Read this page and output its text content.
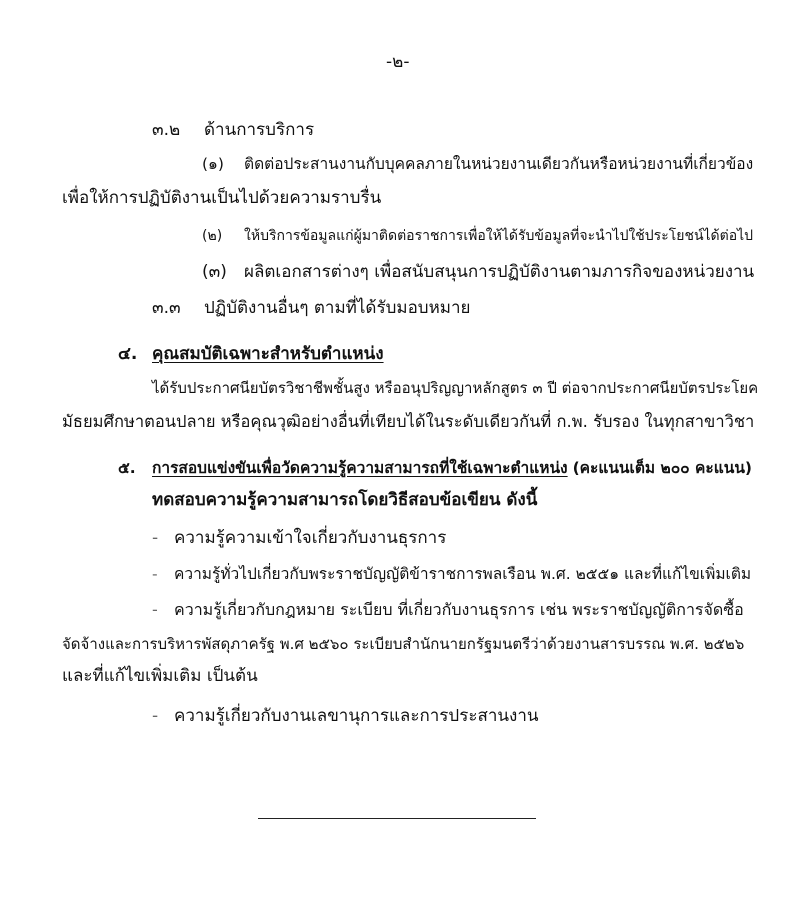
-๒-
๓.๒ ด้านการบริการ
(๑) ติดต่อประสานงานกับบุคคลภายในหน่วยงานเดียวกันหรือหน่วยงานที่เกี่ยวข้อง
เพื่อให้การปฏิบัติงานเป็นไปด้วยความราบรื่น
(๒) ให้บริการข้อมูลแก่ผู้มาติดต่อราชการเพื่อให้ได้รับข้อมูลที่จะนำไปใช้ประโยชน์ได้ต่อไป
(๓) ผลิตเอกสารต่างๆ เพื่อสนับสนุนการปฏิบัติงานตามภารกิจของหน่วยงาน
๓.๓ ปฏิบัติงานอื่นๆ ตามที่ได้รับมอบหมาย
๔. คุณสมบัติเฉพาะสำหรับตำแหน่ง
ได้รับประกาศนียบัตรวิชาชีพชั้นสูง หรืออนุปริญญาหลักสูตร ๓ ปี ต่อจากประกาศนียบัตรประโยค
มัธยมศึกษาตอนปลาย หรือคุณวุฒิอย่างอื่นที่เทียบได้ในระดับเดียวกันที่ ก.พ. รับรอง ในทุกสาขาวิชา
๕. การสอบแข่งขันเพื่อวัดความรู้ความสามารถที่ใช้เฉพาะตำแหน่ง (คะแนนเต็ม ๒๐๐ คะแนน)
ทดสอบความรู้ความสามารถโดยวิธีสอบข้อเขียน ดังนี้
- ความรู้ความเข้าใจเกี่ยวกับงานธุรการ
- ความรู้ทั่วไปเกี่ยวกับพระราชบัญญัติข้าราชการพลเรือน พ.ศ. ๒๕๕๑ และที่แก้ไขเพิ่มเติม
- ความรู้เกี่ยวกับกฎหมาย ระเบียบ ที่เกี่ยวกับงานธุรการ เช่น พระราชบัญญัติการจัดซื้อ
จัดจ้างและการบริหารพัสดุภาครัฐ พ.ศ ๒๕๖๐ ระเบียบสำนักนายกรัฐมนตรีว่าด้วยงานสารบรรณ พ.ศ. ๒๕๒๖
และที่แก้ไขเพิ่มเติม เป็นต้น
- ความรู้เกี่ยวกับงานเลขานุการและการประสานงาน
